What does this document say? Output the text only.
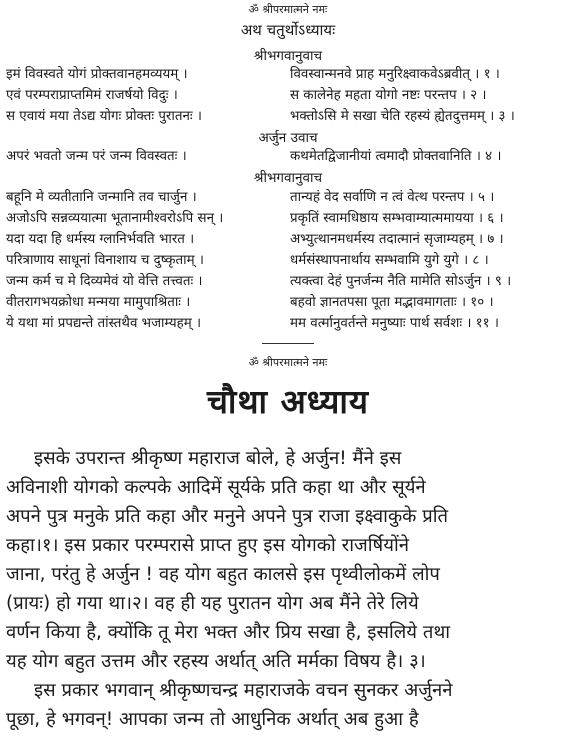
ॐ श्रीपरमात्मने नमः
अथ चतुर्थोऽध्यायः
श्रीभगवानुवाच
इमं विवस्वते योगं प्रोक्तवानहमव्ययम् ।	विवस्वान्मनवे प्राह मनुरिक्ष्वाकवेऽब्रवीत् । १ ।
एवं परम्पराप्राप्तमिमं राजर्षयो विदुः ।	स कालेनेह महता योगो नष्टः परन्तप । २ ।
स एवायं मया तेऽद्य योगः प्रोक्तः पुरातनः ।	भक्तोऽसि मे सखा चेति रहस्यं ह्येतदुत्तमम् । ३ ।
अर्जुन उवाच
अपरं भवतो जन्म परं जन्म विवस्वतः ।	कथमेतद्विजानीयां त्वमादौ प्रोक्तवानिति । ४ ।
श्रीभगवानुवाच
बहूनि मे व्यतीतानि जन्मानि तव चार्जुन ।	तान्यहं वेद सर्वाणि न त्वं वेत्थ परन्तप । ५ ।
अजोऽपि सन्नव्ययात्मा भूतानामीश्वरोऽपि सन् ।	प्रकृतिं स्वामधिष्ठाय सम्भवाम्यात्ममायया । ६ ।
यदा यदा हि धर्मस्य ग्लानिर्भवति भारत ।	अभ्युत्थानमधर्मस्य तदात्मानं सृजाम्यहम् । ७ ।
परित्राणाय साधूनां विनाशाय च दुष्कृताम् ।	धर्मसंस्थापनार्थाय सम्भवामि युगे युगे । ८ ।
जन्म कर्म च मे दिव्यमेवं यो वेत्ति तत्त्वतः ।	त्यक्त्वा देहं पुनर्जन्म नैति मामेति सोऽर्जुन । ९ ।
वीतरागभयक्रोधा मन्मया मामुपाश्रिताः ।	बहवो ज्ञानतपसा पूता मद्भावमागताः । १० ।
ये यथा मां प्रपद्यन्ते तांस्तथैव भजाम्यहम् ।	मम वर्त्मानुवर्तन्ते मनुष्याः पार्थ सर्वशः । ११ ।
ॐ श्रीपरमात्मने नमः
चौथा अध्याय
इसके उपरान्त श्रीकृष्ण महाराज बोले, हे अर्जुन! मैंने इस
अविनाशी योगको कल्पके आदिमें सूर्यके प्रति कहा था और सूर्यने
अपने पुत्र मनुके प्रति कहा और मनुने अपने पुत्र राजा इक्ष्वाकुके प्रति
कहा।१। इस प्रकार परम्परासे प्राप्त हुए इस योगको राजर्षियोंने
जाना, परंतु हे अर्जुन ! वह योग बहुत कालसे इस पृथ्वीलोकमें लोप
(प्रायः) हो गया था।२। वह ही यह पुरातन योग अब मैंने तेरे लिये
वर्णन किया है, क्योंकि तू मेरा भक्त और प्रिय सखा है, इसलिये तथा
यह योग बहुत उत्तम और रहस्य अर्थात् अति मर्मका विषय है। ३।
इस प्रकार भगवान् श्रीकृष्णचन्द्र महाराजके वचन सुनकर अर्जुनने
पूछा, हे भगवन्! आपका जन्म तो आधुनिक अर्थात् अब हुआ है
